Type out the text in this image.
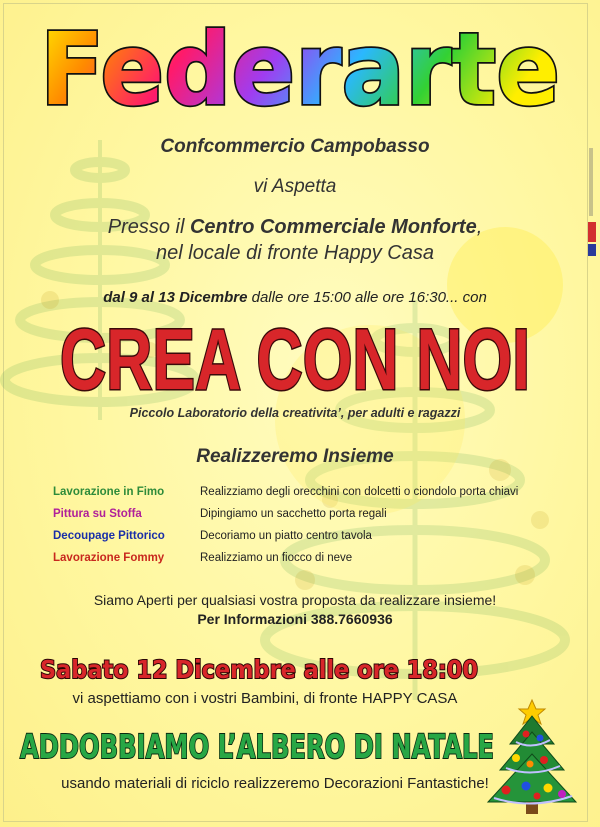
Federarte
Confcommercio Campobasso
vi Aspetta
Presso il Centro Commerciale Monforte,
nel locale di fronte Happy Casa
dal 9 al 13 Dicembre dalle ore 15:00 alle ore 16:30... con
CREA CON NOI
Piccolo Laboratorio della creativita’, per adulti e ragazzi
Realizzeremo Insieme
Lavorazione in Fimo	Realizziamo degli orecchini con dolcetti o ciondolo porta chiavi
Pittura su Stoffa	Dipingiamo un sacchetto porta regali
Decoupage Pittorico	Decoriamo un piatto centro tavola
Lavorazione Fommy	Realizziamo un fiocco di neve
Siamo Aperti per qualsiasi vostra proposta da realizzare insieme!
Per Informazioni 388.7660936
Sabato 12 Dicembre alle ore 18:00
vi aspettiamo con i vostri Bambini, di fronte HAPPY CASA
ADDOBBIAMO L’ALBERO DI NATALE
usando materiali di riciclo realizzeremo Decorazioni Fantastiche!
